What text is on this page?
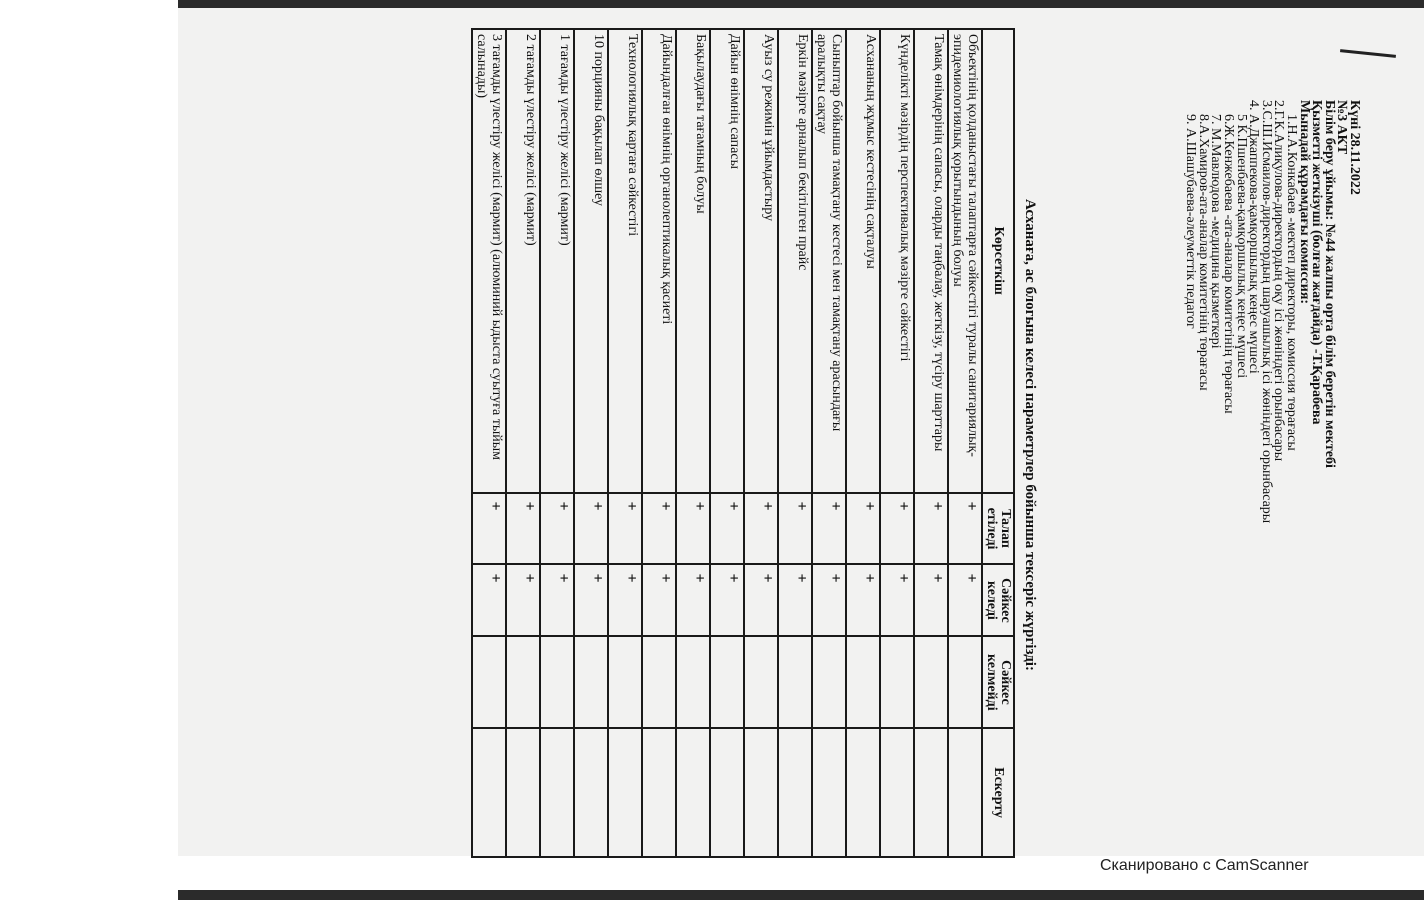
Күні 28.11.2022
№3 АКТ
Білім беру ұйымы: №44 жалпы орта білім беретін мектебі
Қызметті жеткізуші (болған жағдайда) -Т.Қарабева
Мынадай құрамдағы комиссия:
1.Н.А.Конкабаев -мектеп директоры, комиссия төрағасы
2.Г.К.Алиқулова-директордың оқу ісі жөніндегі орынбасары
3.С.Ш.Исмаилов-директордың шаруашылық ісі жөніндегі орынбасары
4. А.Джаппекова-қамқоршылық кеңес мүшесі
5 К.Пшенбаева-қамқоршылық кеңес мүшесі
6.Ж.Кенжебаева -ата-аналар комитетінің төрағасы
7. М.Мавлюдова -медицина қызметкері
8.А.Хамиров-ата-аналар комитетінің төрағасы
9. А.Шашубаева-әлеуметтік педагог
Асханаға, ас блогына келесі параметрлер бойынша тексеріс жүргізді:
Көрсеткіш	Талап етіледі	Сәйкес келеді	Сәйкес келмейді	Ескерту
Объектінің қолданыстағы талаптарға сәйкестігі туралы санитариялық-эпидемиологиялық қорытындының болуы	+	+		
Тамақ өнімдерінің сапасы, оларды таңбалау, жеткізу, түсіру шарттары	+	+		
Күнделікті мәзірдің перспективалық мәзірге сәйкестігі	+	+		
Асхананың жұмыс кестесінің сақталуы	+	+		
Сыныптар бойынша тамақтану кестесі мен тамақтану арасындағы аралықты сақтау	+	+		
Еркін мәзірге арналып бекітілген прайс	+	+		
Ауыз су режимін ұйымдастыру	+	+		
Дайын өнімнің сапасы	+	+		
Бақылаудағы тағамның болуы	+	+		
Дайындалған өнімнің органолептикалық қасиеті	+	+		
Технологиялық картаға сәйкестігі	+	+		
10 порцияны бақылап өлшеу	+	+		
1 тағамды үлестіру желісі (мармит)	+	+		
2 тағамды үлестіру желісі (мармит)	+	+		
3 тағамды үлестіру желісі (мармит) (алюминий ыдыста суытуға тыйым салынады)	+	+		
Сканировано с CamScanner
